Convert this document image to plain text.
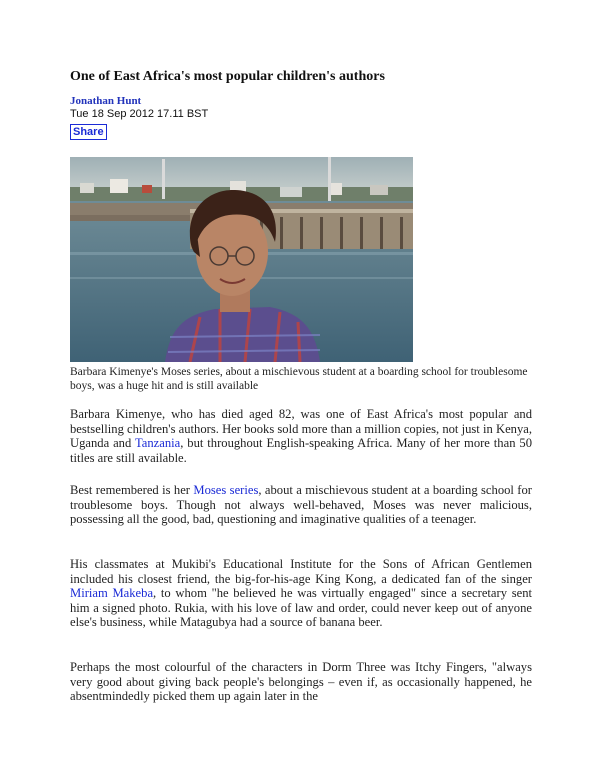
One of East Africa's most popular children's authors
Jonathan Hunt
Tue 18 Sep 2012 17.11 BST
Share
Barbara Kimenye's Moses series, about a mischievous student at a boarding school for troublesome boys, was a huge hit and is still available

Barbara Kimenye, who has died aged 82, was one of East Africa's most popular and bestselling children's authors. Her books sold more than a million copies, not just in Kenya, Uganda and Tanzania, but throughout English-speaking Africa. Many of her more than 50 titles are still available.

Best remembered is her Moses series, about a mischievous student at a boarding school for troublesome boys. Though not always well-behaved, Moses was never malicious, possessing all the good, bad, questioning and imaginative qualities of a teenager.

His classmates at Mukibi's Educational Institute for the Sons of African Gentlemen included his closest friend, the big-for-his-age King Kong, a dedicated fan of the singer Miriam Makeba, to whom "he believed he was virtually engaged" since a secretary sent him a signed photo. Rukia, with his love of law and order, could never keep out of anyone else's business, while Matagubya had a source of banana beer.

Perhaps the most colourful of the characters in Dorm Three was Itchy Fingers, "always very good about giving back people's belongings – even if, as occasionally happened, he absentmindedly picked them up again later in the
